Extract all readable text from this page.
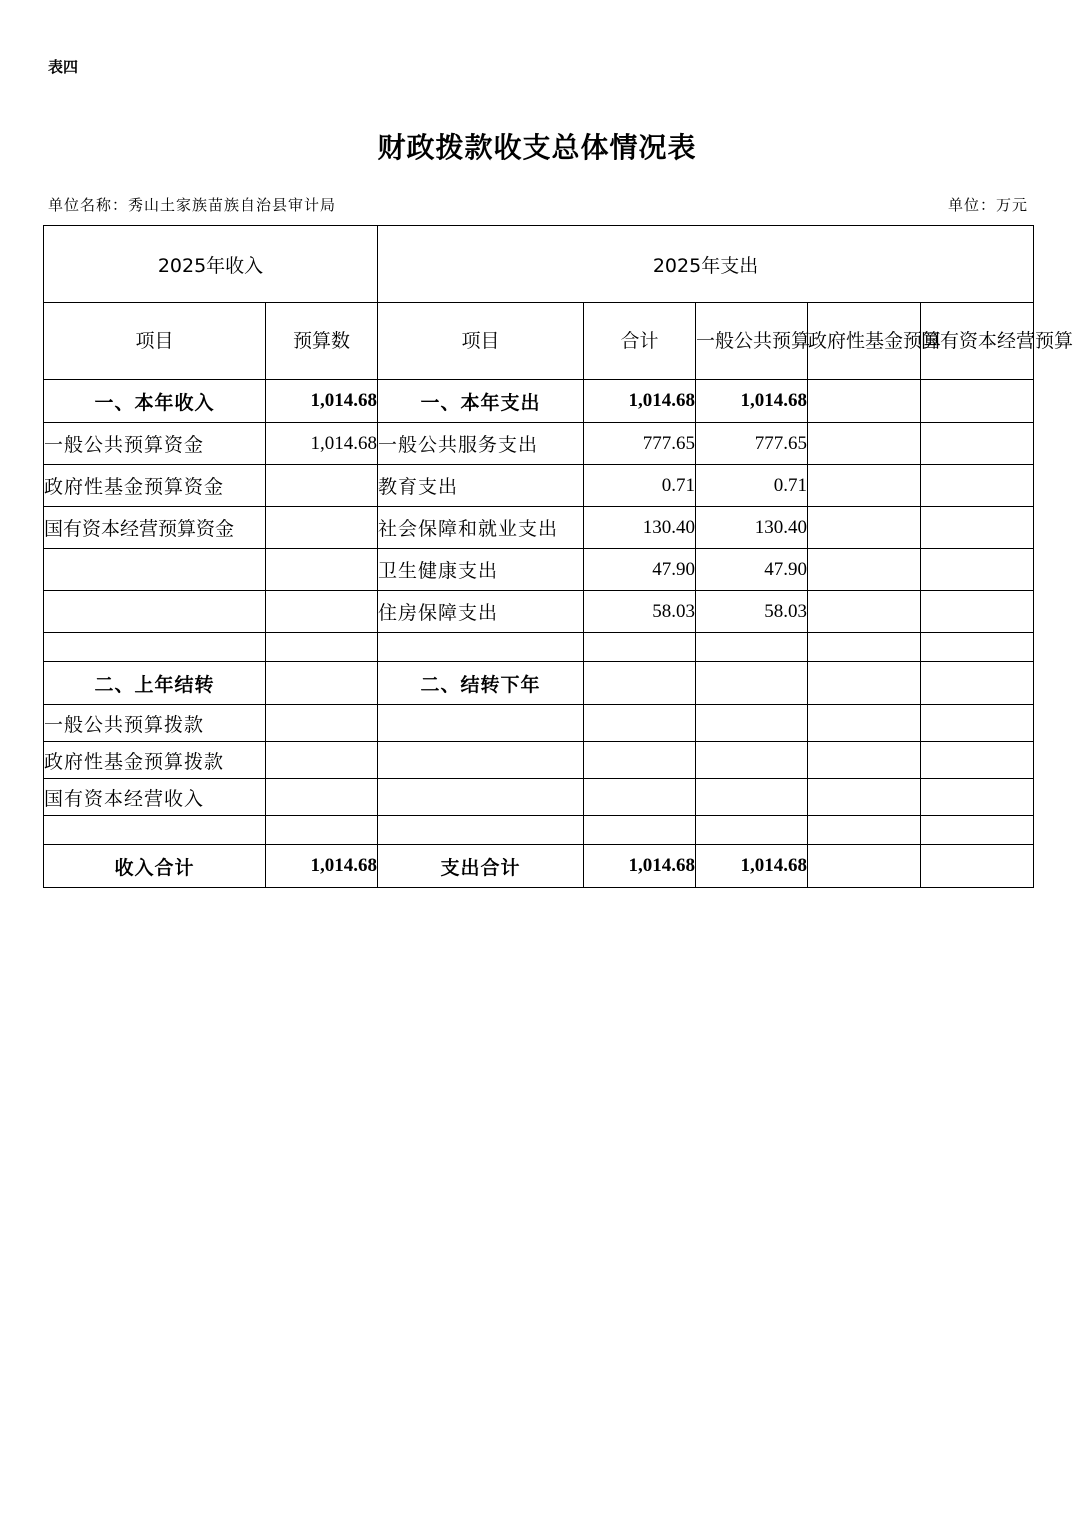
表四
财政拨款收支总体情况表
单位名称：秀山土家族苗族自治县审计局	单位：万元
2025年收入		2025年支出				
项目	预算数	项目	合计	一般公共预算	政府性基金预算	国有资本经营预算
一、本年收入	1,014.68	一、本年支出	1,014.68	1,014.68		
一般公共预算资金	1,014.68	一般公共服务支出	777.65	777.65		
政府性基金预算资金		教育支出	0.71	0.71		
国有资本经营预算资金		社会保障和就业支出	130.40	130.40		
		卫生健康支出	47.90	47.90		
		住房保障支出	58.03	58.03		

二、上年结转		二、结转下年				
一般公共预算拨款						
政府性基金预算拨款						
国有资本经营收入						

收入合计	1,014.68	支出合计	1,014.68	1,014.68		
